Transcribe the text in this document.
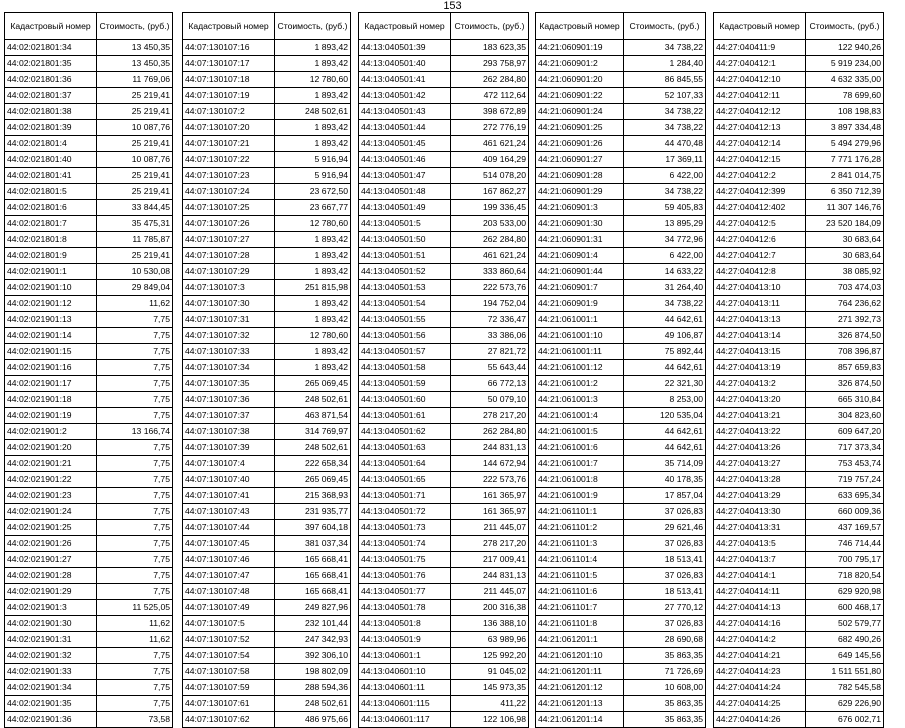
153
Кадастровый номер	Стоимость, (руб.)
44:02:021801:34	13 450,35
44:02:021801:35	13 450,35
44:02:021801:36	11 769,06
44:02:021801:37	25 219,41
44:02:021801:38	25 219,41
44:02:021801:39	10 087,76
44:02:021801:4	25 219,41
44:02:021801:40	10 087,76
44:02:021801:41	25 219,41
44:02:021801:5	25 219,41
44:02:021801:6	33 844,45
44:02:021801:7	35 475,31
44:02:021801:8	11 785,87
44:02:021801:9	25 219,41
44:02:021901:1	10 530,08
44:02:021901:10	29 849,04
44:02:021901:12	11,62
44:02:021901:13	7,75
44:02:021901:14	7,75
44:02:021901:15	7,75
44:02:021901:16	7,75
44:02:021901:17	7,75
44:02:021901:18	7,75
44:02:021901:19	7,75
44:02:021901:2	13 166,74
44:02:021901:20	7,75
44:02:021901:21	7,75
44:02:021901:22	7,75
44:02:021901:23	7,75
44:02:021901:24	7,75
44:02:021901:25	7,75
44:02:021901:26	7,75
44:02:021901:27	7,75
44:02:021901:28	7,75
44:02:021901:29	7,75
44:02:021901:3	11 525,05
44:02:021901:30	11,62
44:02:021901:31	11,62
44:02:021901:32	7,75
44:02:021901:33	7,75
44:02:021901:34	7,75
44:02:021901:35	7,75
44:02:021901:36	73,58
Кадастровый номер	Стоимость, (руб.)
44:07:130107:16	1 893,42
44:07:130107:17	1 893,42
44:07:130107:18	12 780,60
44:07:130107:19	1 893,42
44:07:130107:2	248 502,61
44:07:130107:20	1 893,42
44:07:130107:21	1 893,42
44:07:130107:22	5 916,94
44:07:130107:23	5 916,94
44:07:130107:24	23 672,50
44:07:130107:25	23 667,77
44:07:130107:26	12 780,60
44:07:130107:27	1 893,42
44:07:130107:28	1 893,42
44:07:130107:29	1 893,42
44:07:130107:3	251 815,98
44:07:130107:30	1 893,42
44:07:130107:31	1 893,42
44:07:130107:32	12 780,60
44:07:130107:33	1 893,42
44:07:130107:34	1 893,42
44:07:130107:35	265 069,45
44:07:130107:36	248 502,61
44:07:130107:37	463 871,54
44:07:130107:38	314 769,97
44:07:130107:39	248 502,61
44:07:130107:4	222 658,34
44:07:130107:40	265 069,45
44:07:130107:41	215 368,93
44:07:130107:43	231 935,77
44:07:130107:44	397 604,18
44:07:130107:45	381 037,34
44:07:130107:46	165 668,41
44:07:130107:47	165 668,41
44:07:130107:48	165 668,41
44:07:130107:49	249 827,96
44:07:130107:5	232 101,44
44:07:130107:52	247 342,93
44:07:130107:54	392 306,10
44:07:130107:58	198 802,09
44:07:130107:59	288 594,36
44:07:130107:61	248 502,61
44:07:130107:62	486 975,66
Кадастровый номер	Стоимость, (руб.)
44:13:040501:39	183 623,35
44:13:040501:40	293 758,97
44:13:040501:41	262 284,80
44:13:040501:42	472 112,64
44:13:040501:43	398 672,89
44:13:040501:44	272 776,19
44:13:040501:45	461 621,24
44:13:040501:46	409 164,29
44:13:040501:47	514 078,20
44:13:040501:48	167 862,27
44:13:040501:49	199 336,45
44:13:040501:5	203 533,00
44:13:040501:50	262 284,80
44:13:040501:51	461 621,24
44:13:040501:52	333 860,64
44:13:040501:53	222 573,76
44:13:040501:54	194 752,04
44:13:040501:55	72 336,47
44:13:040501:56	33 386,06
44:13:040501:57	27 821,72
44:13:040501:58	55 643,44
44:13:040501:59	66 772,13
44:13:040501:60	50 079,10
44:13:040501:61	278 217,20
44:13:040501:62	262 284,80
44:13:040501:63	244 831,13
44:13:040501:64	144 672,94
44:13:040501:65	222 573,76
44:13:040501:71	161 365,97
44:13:040501:72	161 365,97
44:13:040501:73	211 445,07
44:13:040501:74	278 217,20
44:13:040501:75	217 009,41
44:13:040501:76	244 831,13
44:13:040501:77	211 445,07
44:13:040501:78	200 316,38
44:13:040501:8	136 388,10
44:13:040501:9	63 989,96
44:13:040601:1	125 992,20
44:13:040601:10	91 045,02
44:13:040601:11	145 973,35
44:13:040601:115	411,22
44:13:040601:117	122 106,98
Кадастровый номер	Стоимость, (руб.)
44:21:060901:19	34 738,22
44:21:060901:2	1 284,40
44:21:060901:20	86 845,55
44:21:060901:22	52 107,33
44:21:060901:24	34 738,22
44:21:060901:25	34 738,22
44:21:060901:26	44 470,48
44:21:060901:27	17 369,11
44:21:060901:28	6 422,00
44:21:060901:29	34 738,22
44:21:060901:3	59 405,83
44:21:060901:30	13 895,29
44:21:060901:31	34 772,96
44:21:060901:4	6 422,00
44:21:060901:44	14 633,22
44:21:060901:7	31 264,40
44:21:060901:9	34 738,22
44:21:061001:1	44 642,61
44:21:061001:10	49 106,87
44:21:061001:11	75 892,44
44:21:061001:12	44 642,61
44:21:061001:2	22 321,30
44:21:061001:3	8 253,00
44:21:061001:4	120 535,04
44:21:061001:5	44 642,61
44:21:061001:6	44 642,61
44:21:061001:7	35 714,09
44:21:061001:8	40 178,35
44:21:061001:9	17 857,04
44:21:061101:1	37 026,83
44:21:061101:2	29 621,46
44:21:061101:3	37 026,83
44:21:061101:4	18 513,41
44:21:061101:5	37 026,83
44:21:061101:6	18 513,41
44:21:061101:7	27 770,12
44:21:061101:8	37 026,83
44:21:061201:1	28 690,68
44:21:061201:10	35 863,35
44:21:061201:11	71 726,69
44:21:061201:12	10 608,00
44:21:061201:13	35 863,35
44:21:061201:14	35 863,35
Кадастровый номер	Стоимость, (руб.)
44:27:040411:9	122 940,26
44:27:040412:1	5 919 234,00
44:27:040412:10	4 632 335,00
44:27:040412:11	78 699,60
44:27:040412:12	108 198,83
44:27:040412:13	3 897 334,48
44:27:040412:14	5 494 279,96
44:27:040412:15	7 771 176,28
44:27:040412:2	2 841 014,75
44:27:040412:399	6 350 712,39
44:27:040412:402	11 307 146,76
44:27:040412:5	23 520 184,09
44:27:040412:6	30 683,64
44:27:040412:7	30 683,64
44:27:040412:8	38 085,92
44:27:040413:10	703 474,03
44:27:040413:11	764 236,62
44:27:040413:13	271 392,73
44:27:040413:14	326 874,50
44:27:040413:15	708 396,87
44:27:040413:19	857 659,83
44:27:040413:2	326 874,50
44:27:040413:20	665 310,84
44:27:040413:21	304 823,60
44:27:040413:22	609 647,20
44:27:040413:26	717 373,34
44:27:040413:27	753 453,74
44:27:040413:28	719 757,24
44:27:040413:29	633 695,34
44:27:040413:30	660 009,36
44:27:040413:31	437 169,57
44:27:040413:5	746 714,44
44:27:040413:7	700 795,17
44:27:040414:1	718 820,54
44:27:040414:11	629 920,98
44:27:040414:13	600 468,17
44:27:040414:16	502 579,77
44:27:040414:2	682 490,26
44:27:040414:21	649 145,56
44:27:040414:23	1 511 551,80
44:27:040414:24	782 545,58
44:27:040414:25	629 226,90
44:27:040414:26	676 002,71
